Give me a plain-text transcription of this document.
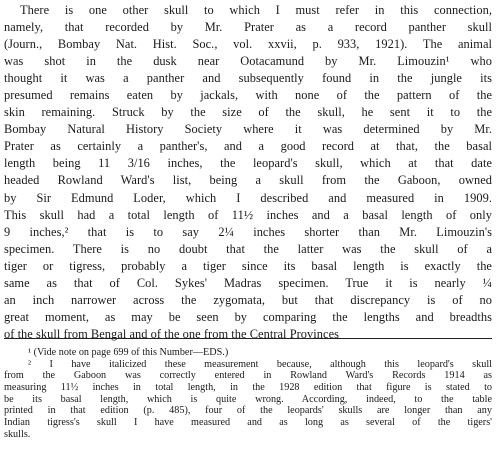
There is one other skull to which I must refer in this connection,
namely, that recorded by Mr. Prater as a record panther skull
(Journ., Bombay Nat. Hist. Soc., vol. xxvii, p. 933, 1921). The animal
was shot in the dusk near Ootacamund by Mr. Limouzin¹ who
thought it was a panther and subsequently found in the jungle its
presumed remains eaten by jackals, with none of the pattern of the
skin remaining. Struck by the size of the skull, he sent it to the
Bombay Natural History Society where it was determined by Mr.
Prater as certainly a panther's, and a good record at that, the basal
length being 11 3/16 inches, the leopard's skull, which at that date
headed Rowland Ward's list, being a skull from the Gaboon, owned
by Sir Edmund Loder, which I described and measured in 1909.
This skull had a total length of 11½ inches and a basal length of only
9 inches,² that is to say 2¼ inches shorter than Mr. Limouzin's
specimen. There is no doubt that the latter was the skull of a
tiger or tigress, probably a tiger since its basal length is exactly the
same as that of Col. Sykes' Madras specimen. True it is nearly ¼
an inch narrower across the zygomata, but that discrepancy is of no
great moment, as may be seen by comparing the lengths and breadths
of the skull from Bengal and of the one from the Central Provinces
¹ (Vide note on page 699 of this Number—EDS.)
² I have italicized these measurement because, although this leopard's skull
from the Gaboon was correctly entered in Rowland Ward's Records 1914 as
measuring 11½ inches in total length, in the 1928 edition that figure is stated to
be its basal length, which is quite wrong. According, indeed, to the table
printed in that edition (p. 485), four of the leopards' skulls are longer than any
Indian tigress's skull I have measured and as long as several of the tigers'
skulls.
